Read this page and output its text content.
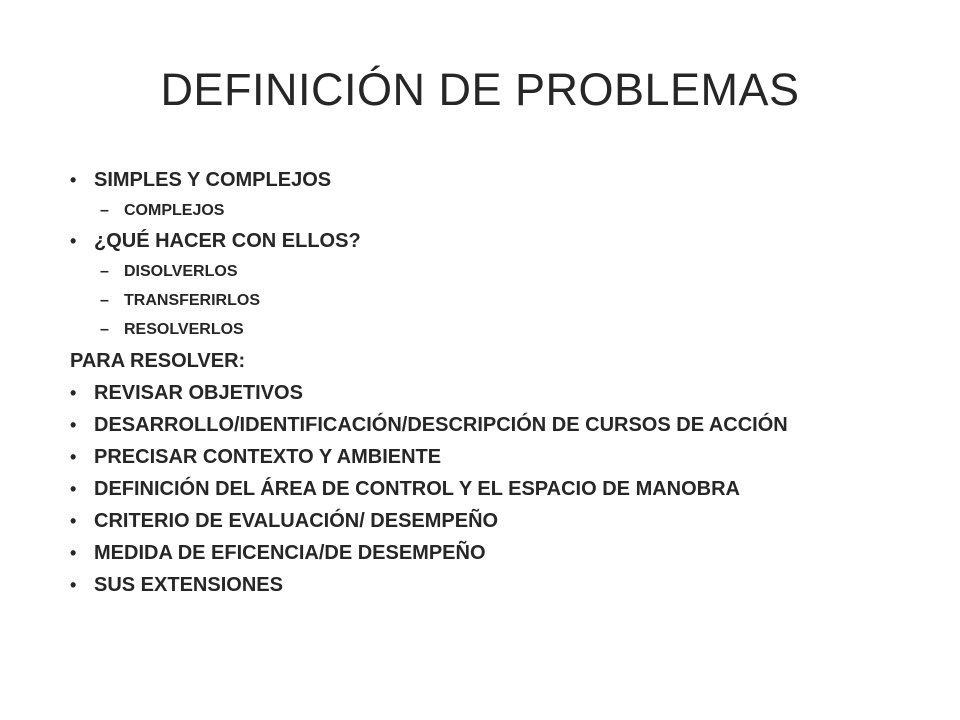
DEFINICIÓN DE PROBLEMAS
• SIMPLES Y COMPLEJOS
– COMPLEJOS
• ¿QUÉ HACER CON ELLOS?
– DISOLVERLOS
– TRANSFERIRLOS
– RESOLVERLOS
PARA RESOLVER:
• REVISAR OBJETIVOS
• DESARROLLO/IDENTIFICACIÓN/DESCRIPCIÓN DE CURSOS DE ACCIÓN
• PRECISAR CONTEXTO Y AMBIENTE
• DEFINICIÓN DEL ÁREA DE CONTROL Y EL ESPACIO DE MANOBRA
• CRITERIO DE EVALUACIÓN/ DESEMPEÑO
• MEDIDA DE EFICENCIA/DE DESEMPEÑO
• SUS EXTENSIONES
